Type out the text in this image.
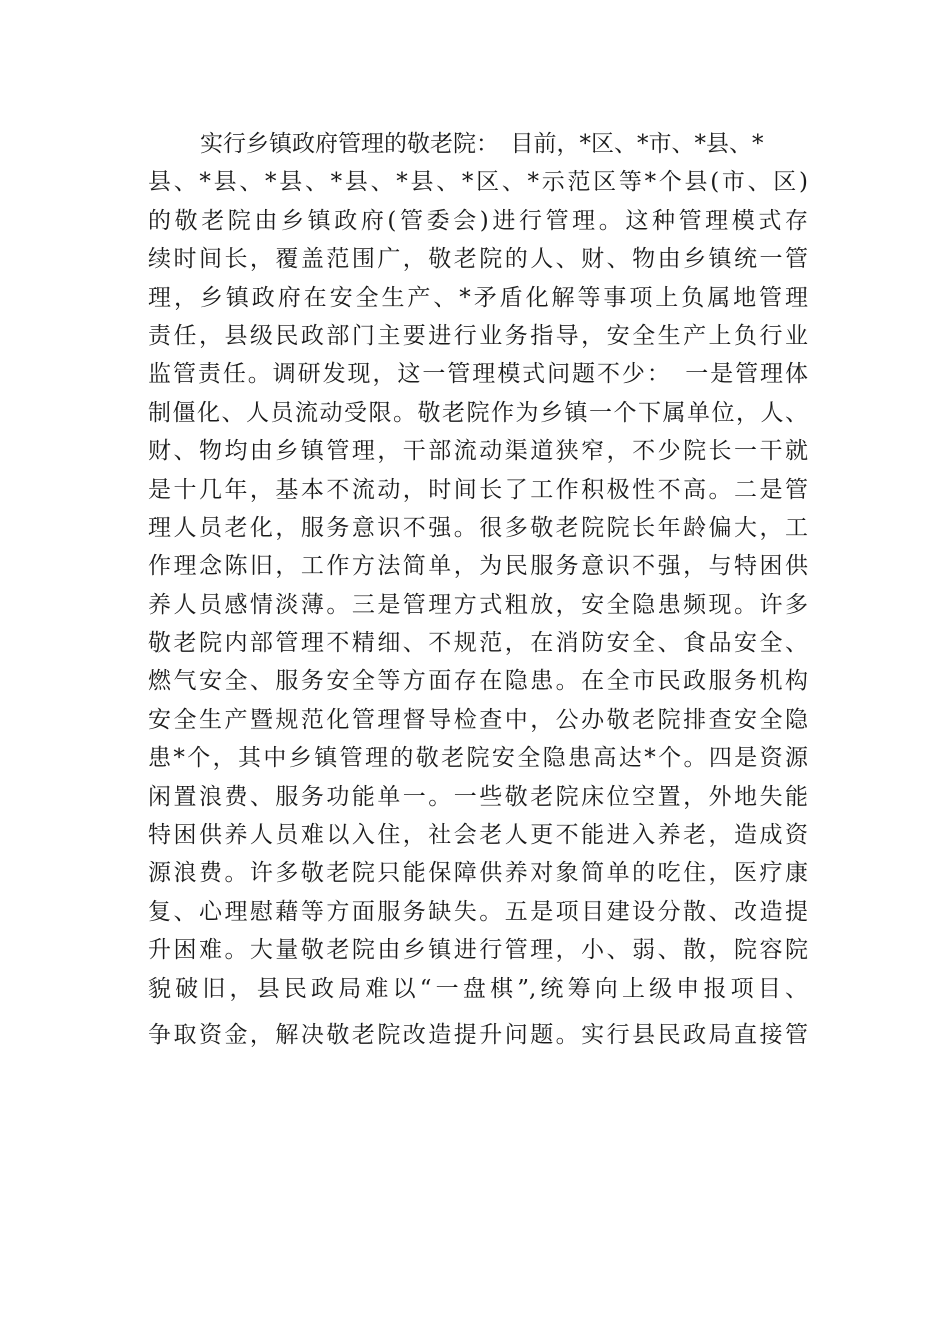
实行乡镇政府管理的敬老院：　目前，*区、*市、*县、*
县、*县、*县、*县、*县、*区、*示范区等*个县(市、区)
的敬老院由乡镇政府(管委会)进行管理。这种管理模式存
续时间长，覆盖范围广，敬老院的人、财、物由乡镇统一管
理，乡镇政府在安全生产、*矛盾化解等事项上负属地管理
责任，县级民政部门主要进行业务指导，安全生产上负行业
监管责任。调研发现，这一管理模式问题不少：　一是管理体
制僵化、人员流动受限。敬老院作为乡镇一个下属单位，人、
财、物均由乡镇管理，干部流动渠道狭窄，不少院长一干就
是十几年，基本不流动，时间长了工作积极性不高。二是管
理人员老化，服务意识不强。很多敬老院院长年龄偏大，工
作理念陈旧，工作方法简单，为民服务意识不强，与特困供
养人员感情淡薄。三是管理方式粗放，安全隐患频现。许多
敬老院内部管理不精细、不规范，在消防安全、食品安全、
燃气安全、服务安全等方面存在隐患。在全市民政服务机构
安全生产暨规范化管理督导检查中，公办敬老院排查安全隐
患*个，其中乡镇管理的敬老院安全隐患高达*个。四是资源
闲置浪费、服务功能单一。一些敬老院床位空置，外地失能
特困供养人员难以入住，社会老人更不能进入养老，造成资
源浪费。许多敬老院只能保障供养对象简单的吃住，医疗康
复、心理慰藉等方面服务缺失。五是项目建设分散、改造提
升困难。大量敬老院由乡镇进行管理，小、弱、散，院容院
貌破旧，县民政局难以“一盘棋”,统筹向上级申报项目、
争取资金，解决敬老院改造提升问题。实行县民政局直接管
